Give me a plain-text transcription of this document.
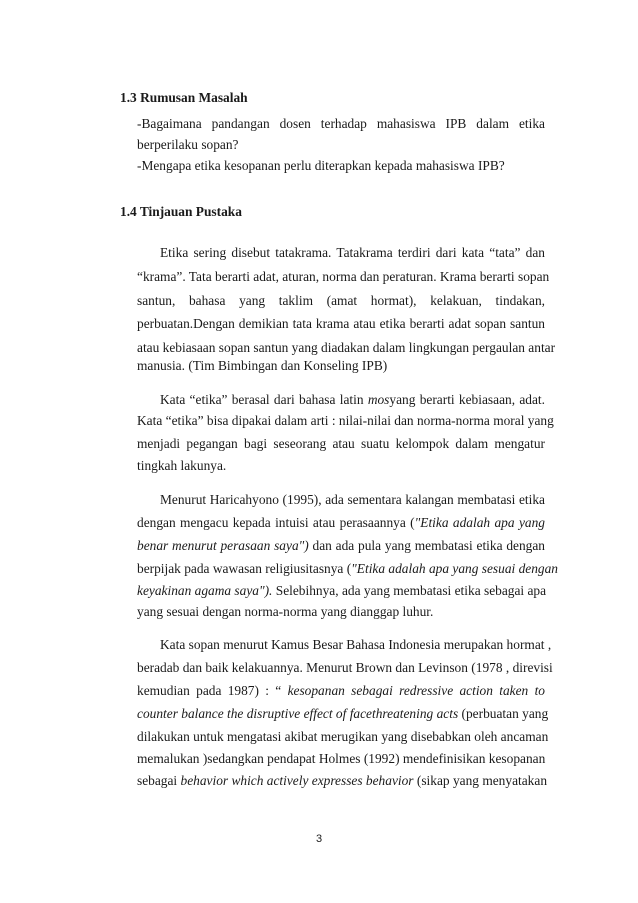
1.3 Rumusan Masalah
-Bagaimana pandangan dosen terhadap mahasiswa IPB dalam etika
berperilaku sopan?
-Mengapa etika kesopanan perlu diterapkan kepada mahasiswa IPB?
1.4 Tinjauan Pustaka
Etika sering disebut tatakrama. Tatakrama terdiri dari kata “tata” dan
“krama”. Tata berarti adat, aturan, norma dan peraturan. Krama berarti sopan
santun, bahasa yang taklim (amat hormat), kelakuan, tindakan,
perbuatan.Dengan demikian tata krama atau etika berarti adat sopan santun
atau kebiasaan sopan santun yang diadakan dalam lingkungan pergaulan antar
manusia. (Tim Bimbingan dan Konseling IPB)
Kata “etika” berasal dari bahasa latin mosyang berarti kebiasaan, adat.
Kata “etika” bisa dipakai dalam arti : nilai-nilai dan norma-norma moral yang
menjadi pegangan bagi seseorang atau suatu kelompok dalam mengatur
tingkah lakunya.
Menurut Haricahyono (1995), ada sementara kalangan membatasi etika
dengan mengacu kepada intuisi atau perasaannya ("Etika adalah apa yang
benar menurut perasaan saya") dan ada pula yang membatasi etika dengan
berpijak pada wawasan religiusitasnya ("Etika adalah apa yang sesuai dengan
keyakinan agama saya"). Selebihnya, ada yang membatasi etika sebagai apa
yang sesuai dengan norma-norma yang dianggap luhur.
Kata sopan menurut Kamus Besar Bahasa Indonesia merupakan hormat ,
beradab dan baik kelakuannya. Menurut Brown dan Levinson (1978 , direvisi
kemudian pada 1987) : “ kesopanan sebagai redressive action taken to
counter balance the disruptive effect of facethreatening acts (perbuatan yang
dilakukan untuk mengatasi akibat merugikan yang disebabkan oleh ancaman
memalukan )sedangkan pendapat Holmes (1992) mendefinisikan kesopanan
sebagai behavior which actively expresses behavior (sikap yang menyatakan
3
